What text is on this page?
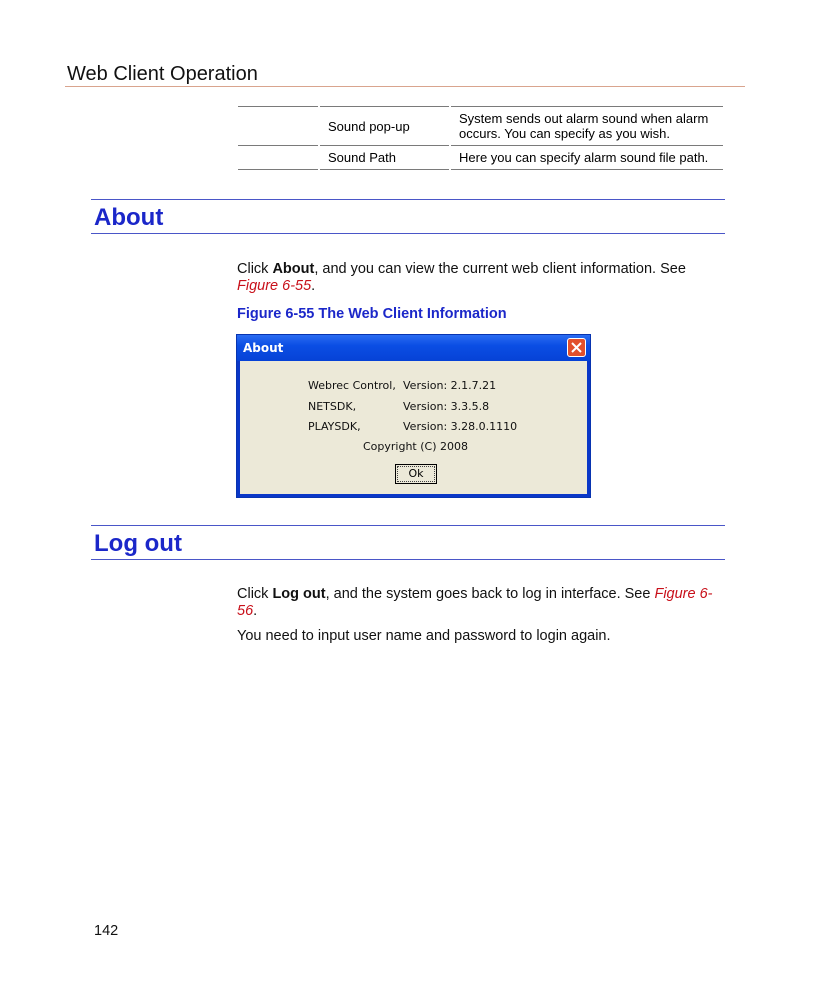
Web Client Operation
	Sound pop-up	System sends out alarm sound when alarm occurs. You can specify as you wish.
	Sound Path	Here you can specify alarm sound file path.
About
Click About, and you can view the current web client information. See Figure 6-55.
Figure 6-55 The Web Client Information
About
Webrec Control, Version: 2.1.7.21
NETSDK,	Version: 3.3.5.8
PLAYSDK,	Version: 3.28.0.1110
Copyright (C) 2008
Ok
Log out
Click Log out, and the system goes back to log in interface. See Figure 6-56.
You need to input user name and password to login again.
142
